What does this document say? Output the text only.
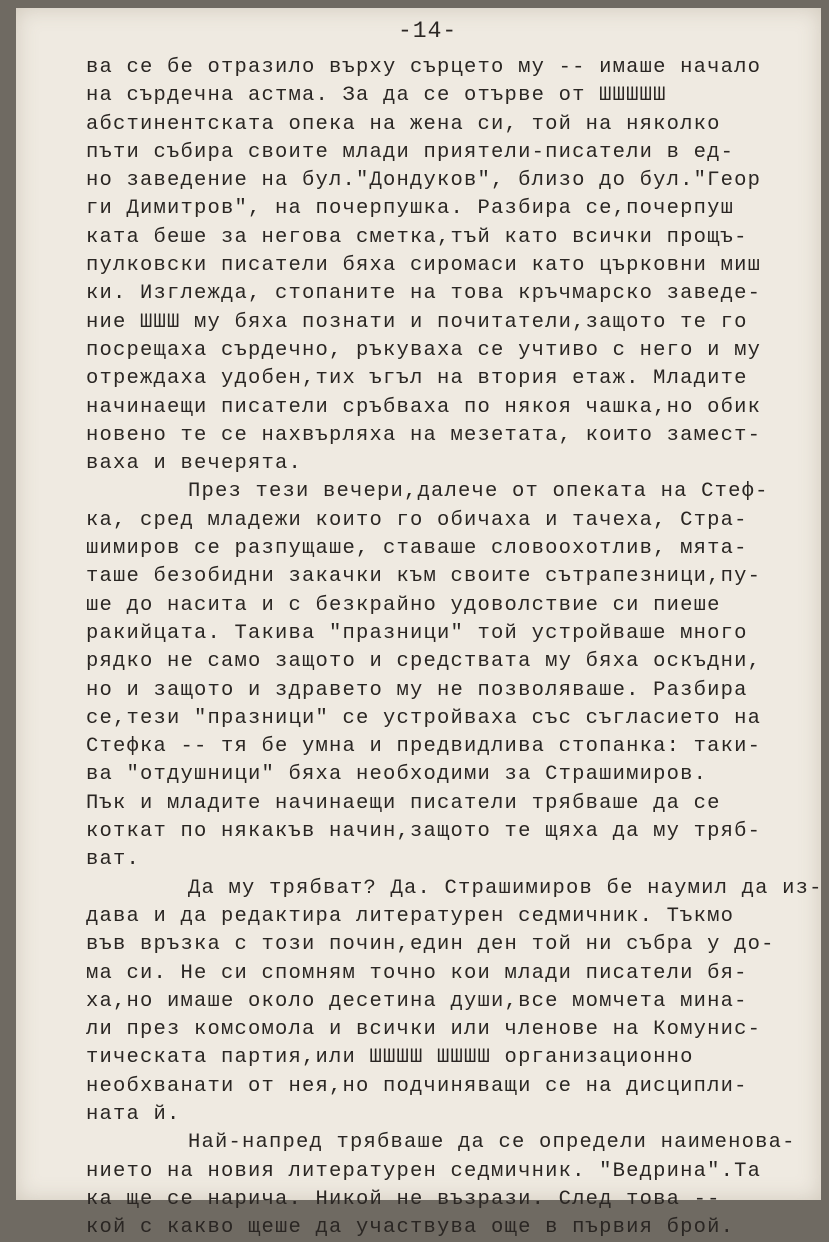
-14-
ва се бе отразило върху сърцето му -- имаше начало
на сърдечна астма. За да се отърве от ШШШШШ
абстинентската опека на жена си, той на няколко
пъти събира своите млади приятели-писатели в ед-
но заведение на бул."Дондуков", близо до бул."Геор
ги Димитров", на почерпушка. Разбира се,почерпуш
ката беше за негова сметка,тъй като всички прощъ-
пулковски писатели бяха сиромаси като църковни миш
ки. Изглежда, стопаните на това кръчмарско заведе-
ние ШШШ му бяха познати и почитатели,защото те го
посрещаха сърдечно, ръкуваха се учтиво с него и му
отреждаха удобен,тих ъгъл на втория етаж. Младите
начинаещи писатели сръбваха по някоя чашка,но обик
новено те се нахвърляха на мезетата, които замест-
ваха и вечерята.
През тези вечери,далече от опеката на Стеф-
ка, сред младежи които го обичаха и тачеха, Стра-
шимиров се разпущаше, ставаше словоохотлив, мята-
таше безобидни закачки към своите сътрапезници,пу-
ше до насита и с безкрайно удоволствие си пиеше
ракийцата. Такива "празници" той устройваше много
рядко не само защото и средствата му бяха оскъдни,
но и защото и здравето му не позволяваше. Разбира
се,тези "празници" се устройваха със съгласието на
Стефка -- тя бе умна и предвидлива стопанка: таки-
ва "отдушници" бяха необходими за Страшимиров.
Пък и младите начинаещи писатели трябваше да се
коткат по някакъв начин,защото те щяха да му тряб-
ват.
Да му трябват? Да. Страшимиров бе наумил да из-
дава и да редактира литературен седмичник. Тъкмо
във връзка с този почин,един ден той ни събра у до-
ма си. Не си спомням точно кои млади писатели бя-
ха,но имаше около десетина души,все момчета мина-
ли през комсомола и всички или членове на Комунис-
тическата партия,или ШШШШ ШШШШ организационно
необхванати от нея,но подчиняващи се на дисципли-
ната й.
Най-напред трябваше да се определи наименова-
нието на новия литературен седмичник. "Ведрина".Та
ка ще се нарича. Никой не възрази. След това --
кой с какво щеше да участвува още в първия брой.
